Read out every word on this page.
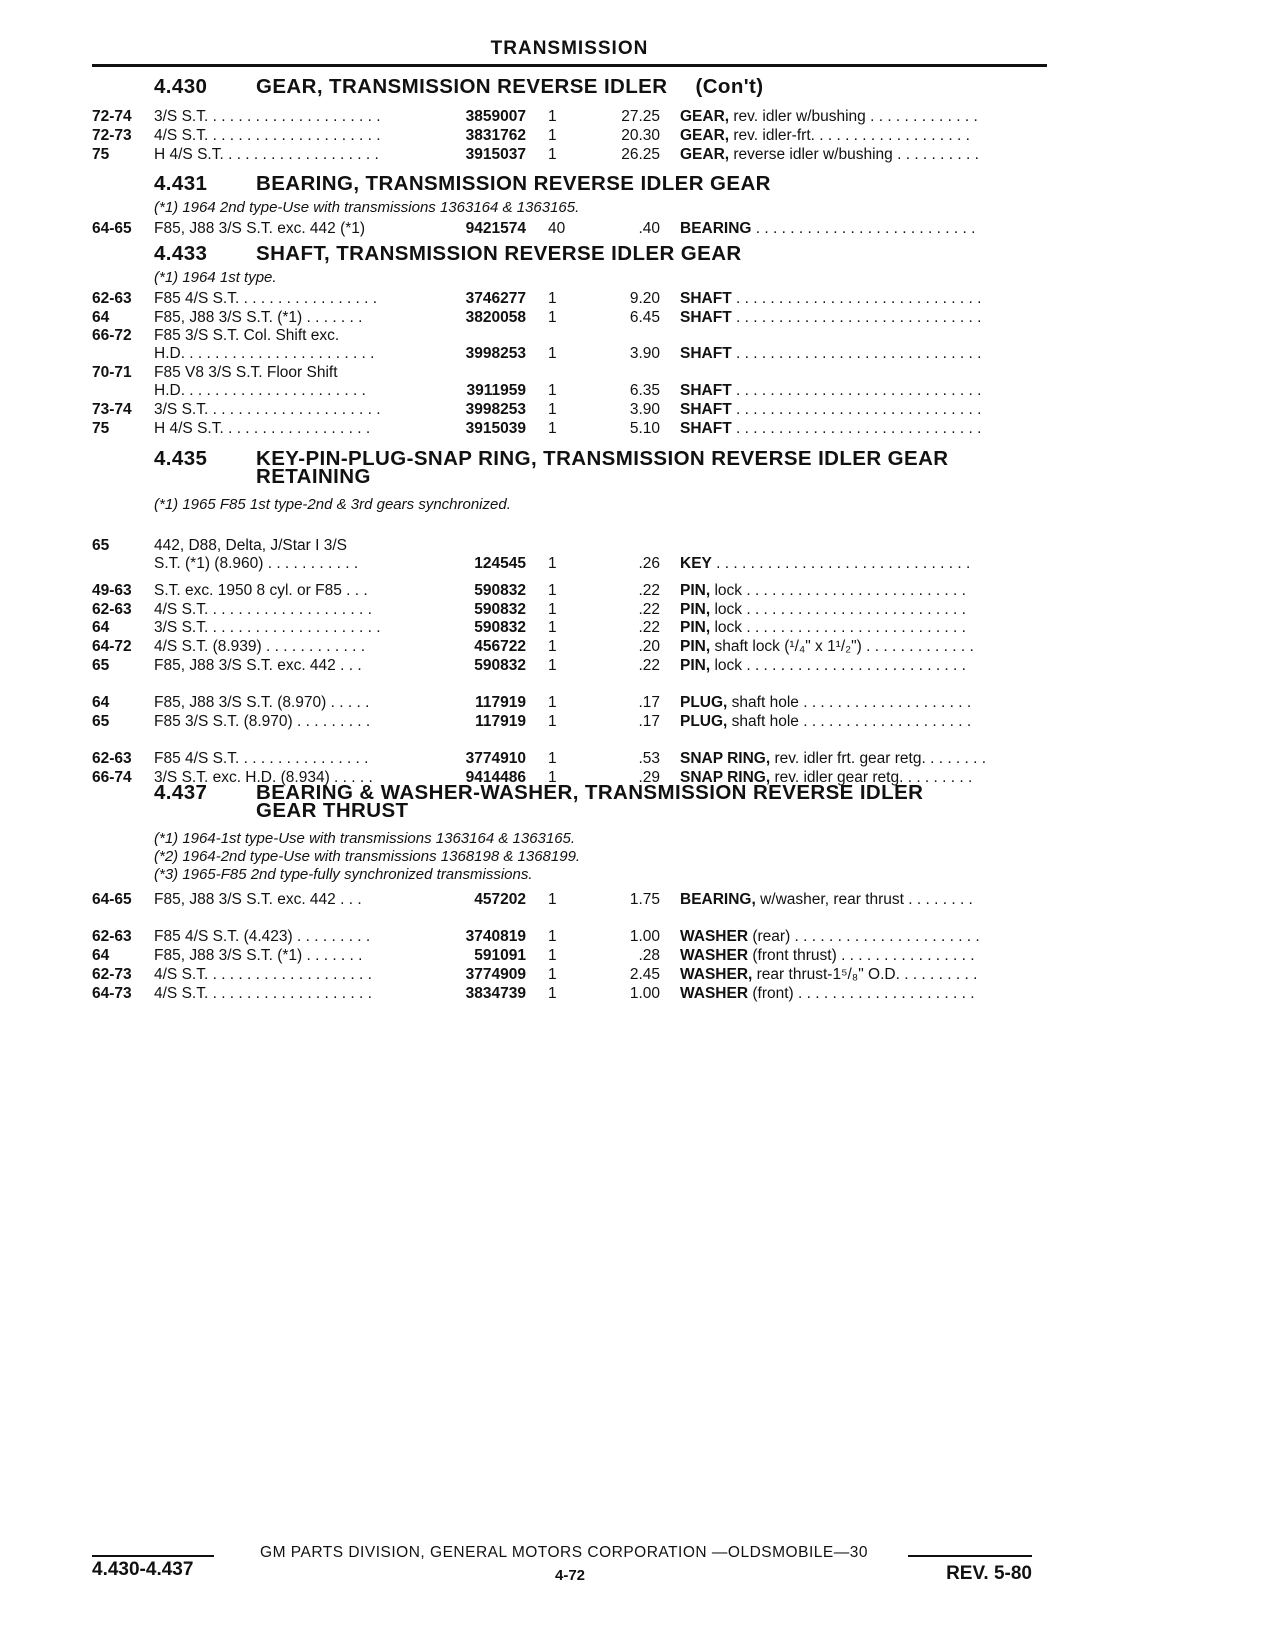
TRANSMISSION
4.430 GEAR, TRANSMISSION REVERSE IDLER (Con't)
4.431 BEARING, TRANSMISSION REVERSE IDLER GEAR
(*1) 1964 2nd type-Use with transmissions 1363164 & 1363165.
4.433 SHAFT, TRANSMISSION REVERSE IDLER GEAR
(*1) 1964 1st type.
4.435 KEY-PIN-PLUG-SNAP RING, TRANSMISSION REVERSE IDLER GEAR
RETAINING
(*1) 1965 F85 1st type-2nd & 3rd gears synchronized.
4.437 BEARING & WASHER-WASHER, TRANSMISSION REVERSE IDLER
GEAR THRUST
(*1) 1964-1st type-Use with transmissions 1363164 & 1363165.
(*2) 1964-2nd type-Use with transmissions 1368198 & 1368199.
(*3) 1965-F85 2nd type-fully synchronized transmissions.
72-74 3/S S.T. . . . . . . . . . . . . . . . . . . . .	3859007 1	27.25 GEAR, rev. idler w/bushing . . . . . . . . . . . . .
72-73 4/S S.T. . . . . . . . . . . . . . . . . . . . .	3831762 1	20.30 GEAR, rev. idler-frt. . . . . . . . . . . . . . . . . . .
75	H 4/S S.T. . . . . . . . . . . . . . . . . . .	3915037 1	26.25 GEAR, reverse idler w/bushing . . . . . . . . . .
64-65 F85, J88 3/S S.T. exc. 442 (*1)	9421574 40	.40 BEARING . . . . . . . . . . . . . . . . . . . . . . . . . .
62-63 F85 4/S S.T. . . . . . . . . . . . . . . . .	3746277 1	9.20 SHAFT . . . . . . . . . . . . . . . . . . . . . . . . . . . . .
64	F85, J88 3/S S.T. (*1) . . . . . . .	3820058 1	6.45 SHAFT . . . . . . . . . . . . . . . . . . . . . . . . . . . . .
66-72 F85 3/S S.T. Col. Shift exc.
H.D. . . . . . . . . . . . . . . . . . . . . . .	3998253 1	3.90 SHAFT . . . . . . . . . . . . . . . . . . . . . . . . . . . . .
70-71 F85 V8 3/S S.T. Floor Shift
H.D. . . . . . . . . . . . . . . . . . . . . .	3911959 1	6.35 SHAFT . . . . . . . . . . . . . . . . . . . . . . . . . . . . .
73-74 3/S S.T. . . . . . . . . . . . . . . . . . . . .	3998253 1	3.90 SHAFT . . . . . . . . . . . . . . . . . . . . . . . . . . . . .
75	H 4/S S.T. . . . . . . . . . . . . . . . . .	3915039 1	5.10 SHAFT . . . . . . . . . . . . . . . . . . . . . . . . . . . . .
65	442, D88, Delta, J/Star I 3/S
S.T. (*1) (8.960) . . . . . . . . . . .	124545 1	.26 KEY . . . . . . . . . . . . . . . . . . . . . . . . . . . . . .
49-63 S.T. exc. 1950 8 cyl. or F85 . . .	590832 1	.22 PIN, lock . . . . . . . . . . . . . . . . . . . . . . . . . .
62-63 4/S S.T. . . . . . . . . . . . . . . . . . . .	590832 1	.22 PIN, lock . . . . . . . . . . . . . . . . . . . . . . . . . .
64	3/S S.T. . . . . . . . . . . . . . . . . . . . .	590832 1	.22 PIN, lock . . . . . . . . . . . . . . . . . . . . . . . . . .
64-72 4/S S.T. (8.939) . . . . . . . . . . . .	456722 1	.20 PIN, shaft lock (¹/₄" x 1¹/₂") . . . . . . . . . . . . .
65	F85, J88 3/S S.T. exc. 442 . . .	590832 1	.22 PIN, lock . . . . . . . . . . . . . . . . . . . . . . . . . .
64	F85, J88 3/S S.T. (8.970) . . . . .	117919 1	.17 PLUG, shaft hole . . . . . . . . . . . . . . . . . . . .
65	F85 3/S S.T. (8.970) . . . . . . . . .	117919 1	.17 PLUG, shaft hole . . . . . . . . . . . . . . . . . . . .
62-63 F85 4/S S.T. . . . . . . . . . . . . . . .	3774910 1	.53 SNAP RING, rev. idler frt. gear retg. . . . . . . .
66-74 3/S S.T. exc. H.D. (8.934) . . . . .	9414486 1	.29 SNAP RING, rev. idler gear retg. . . . . . . . .
64-65 F85, J88 3/S S.T. exc. 442 . . .	457202 1	1.75 BEARING, w/washer, rear thrust . . . . . . . .
62-63 F85 4/S S.T. (4.423) . . . . . . . . .	3740819 1	1.00 WASHER (rear) . . . . . . . . . . . . . . . . . . . . . .
64	F85, J88 3/S S.T. (*1) . . . . . . .	591091 1	.28 WASHER (front thrust) . . . . . . . . . . . . . . . .
62-73 4/S S.T. . . . . . . . . . . . . . . . . . . .	3774909 1	2.45 WASHER, rear thrust-1⁵/₈" O.D. . . . . . . . . .
64-73 4/S S.T. . . . . . . . . . . . . . . . . . . .	3834739 1	1.00 WASHER (front) . . . . . . . . . . . . . . . . . . . . .
GM PARTS DIVISION, GENERAL MOTORS CORPORATION —OLDSMOBILE—30
4.430-4.437	4-72	REV. 5-80
